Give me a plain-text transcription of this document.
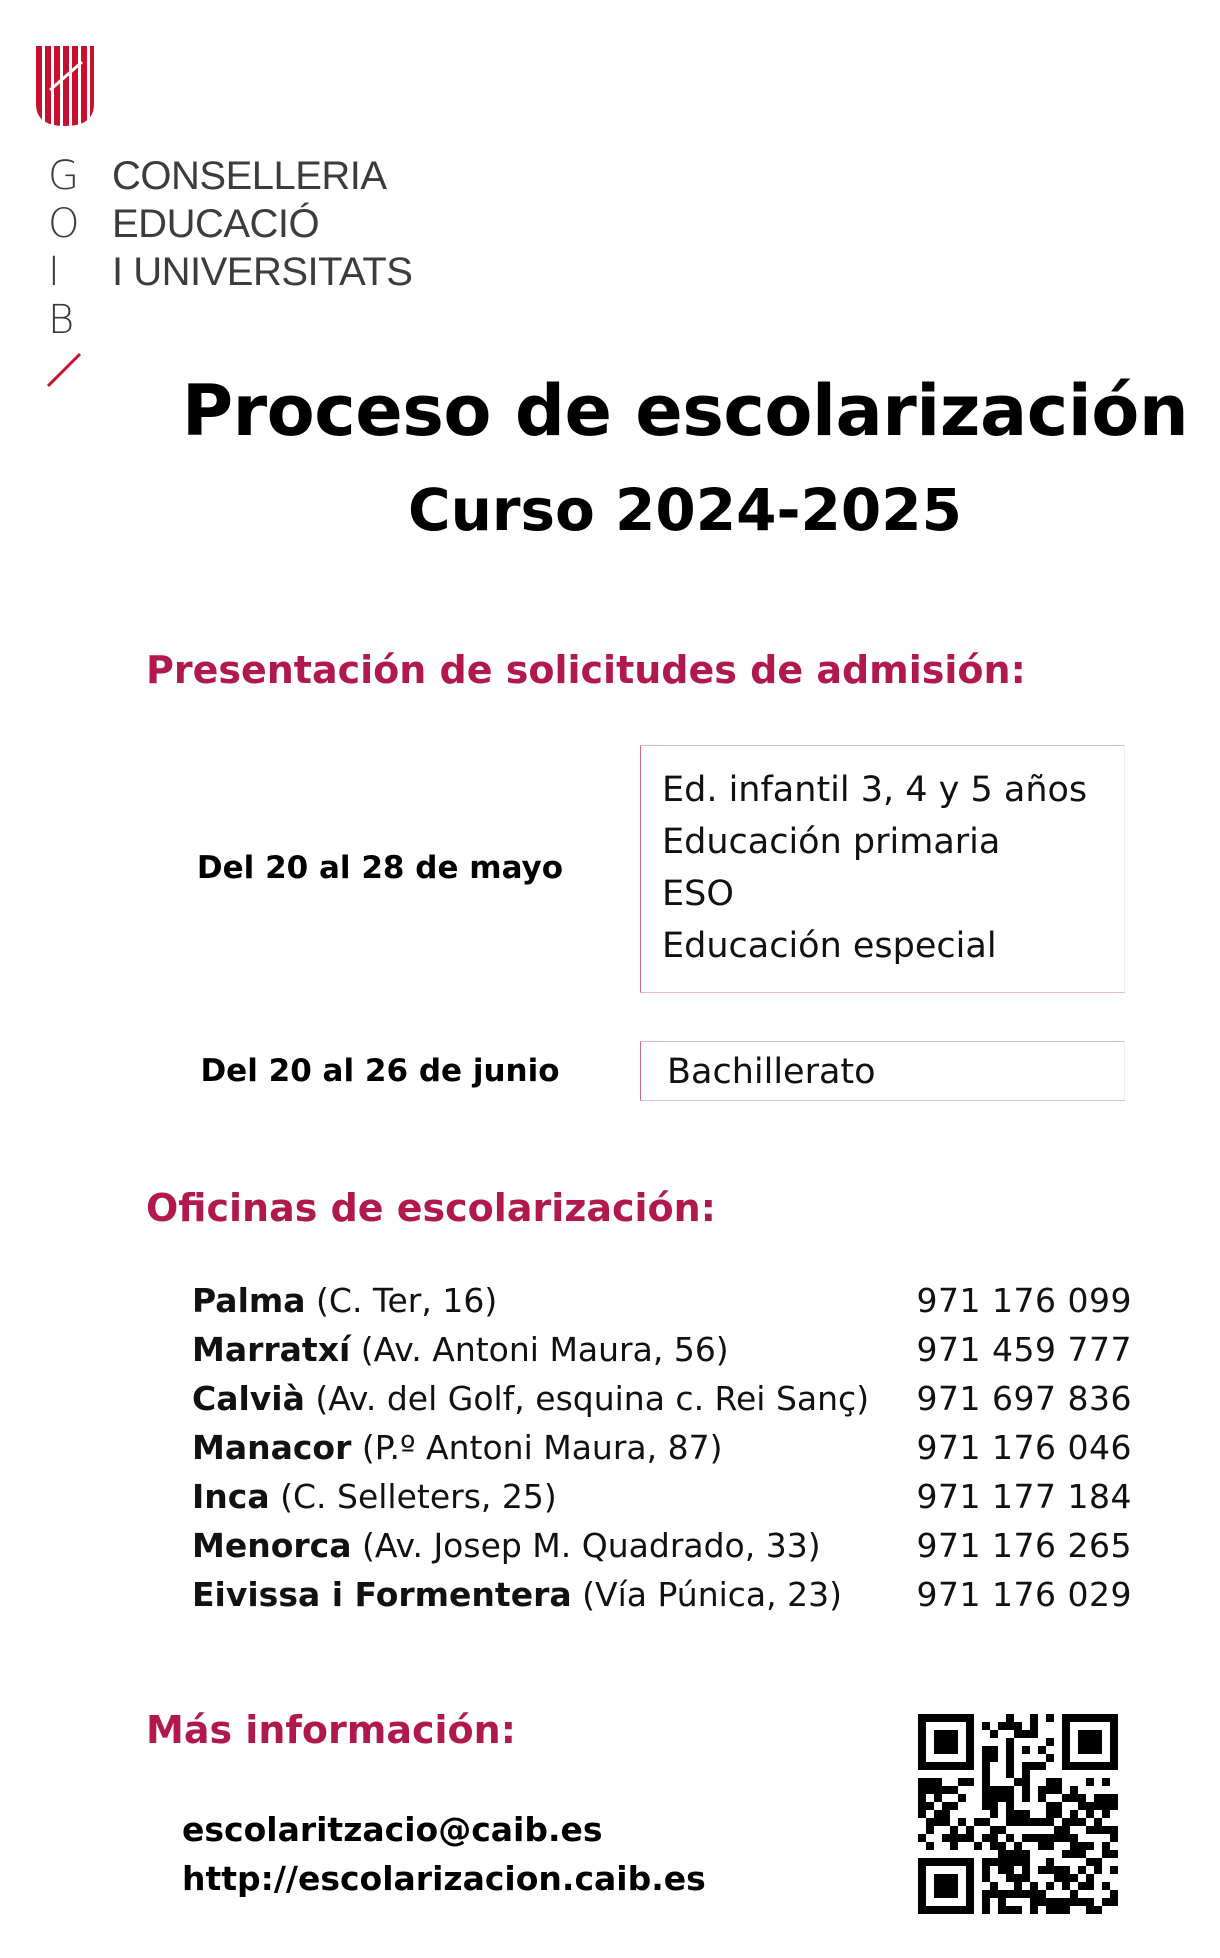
G
O
I
B
CONSELLERIA
EDUCACIÓ
I UNIVERSITATS
Proceso de escolarización
Curso 2024-2025
Presentación de solicitudes de admisión:
Del 20 al 28 de mayo
Ed. infantil 3, 4 y 5 años
Educación primaria
ESO
Educación especial
Del 20 al 26 de junio	Bachillerato
Oficinas de escolarización:
Palma (C. Ter, 16)	971 176 099
Marratxí (Av. Antoni Maura, 56)	971 459 777
Calvià (Av. del Golf, esquina c. Rei Sanç) 971 697 836
Manacor (P.º Antoni Maura, 87)	971 176 046
Inca (C. Selleters, 25)	971 177 184
Menorca (Av. Josep M. Quadrado, 33)	971 176 265
Eivissa i Formentera (Vía Púnica, 23) 971 176 029
Más información:
escolaritzacio@caib.es
http://escolarizacion.caib.es
